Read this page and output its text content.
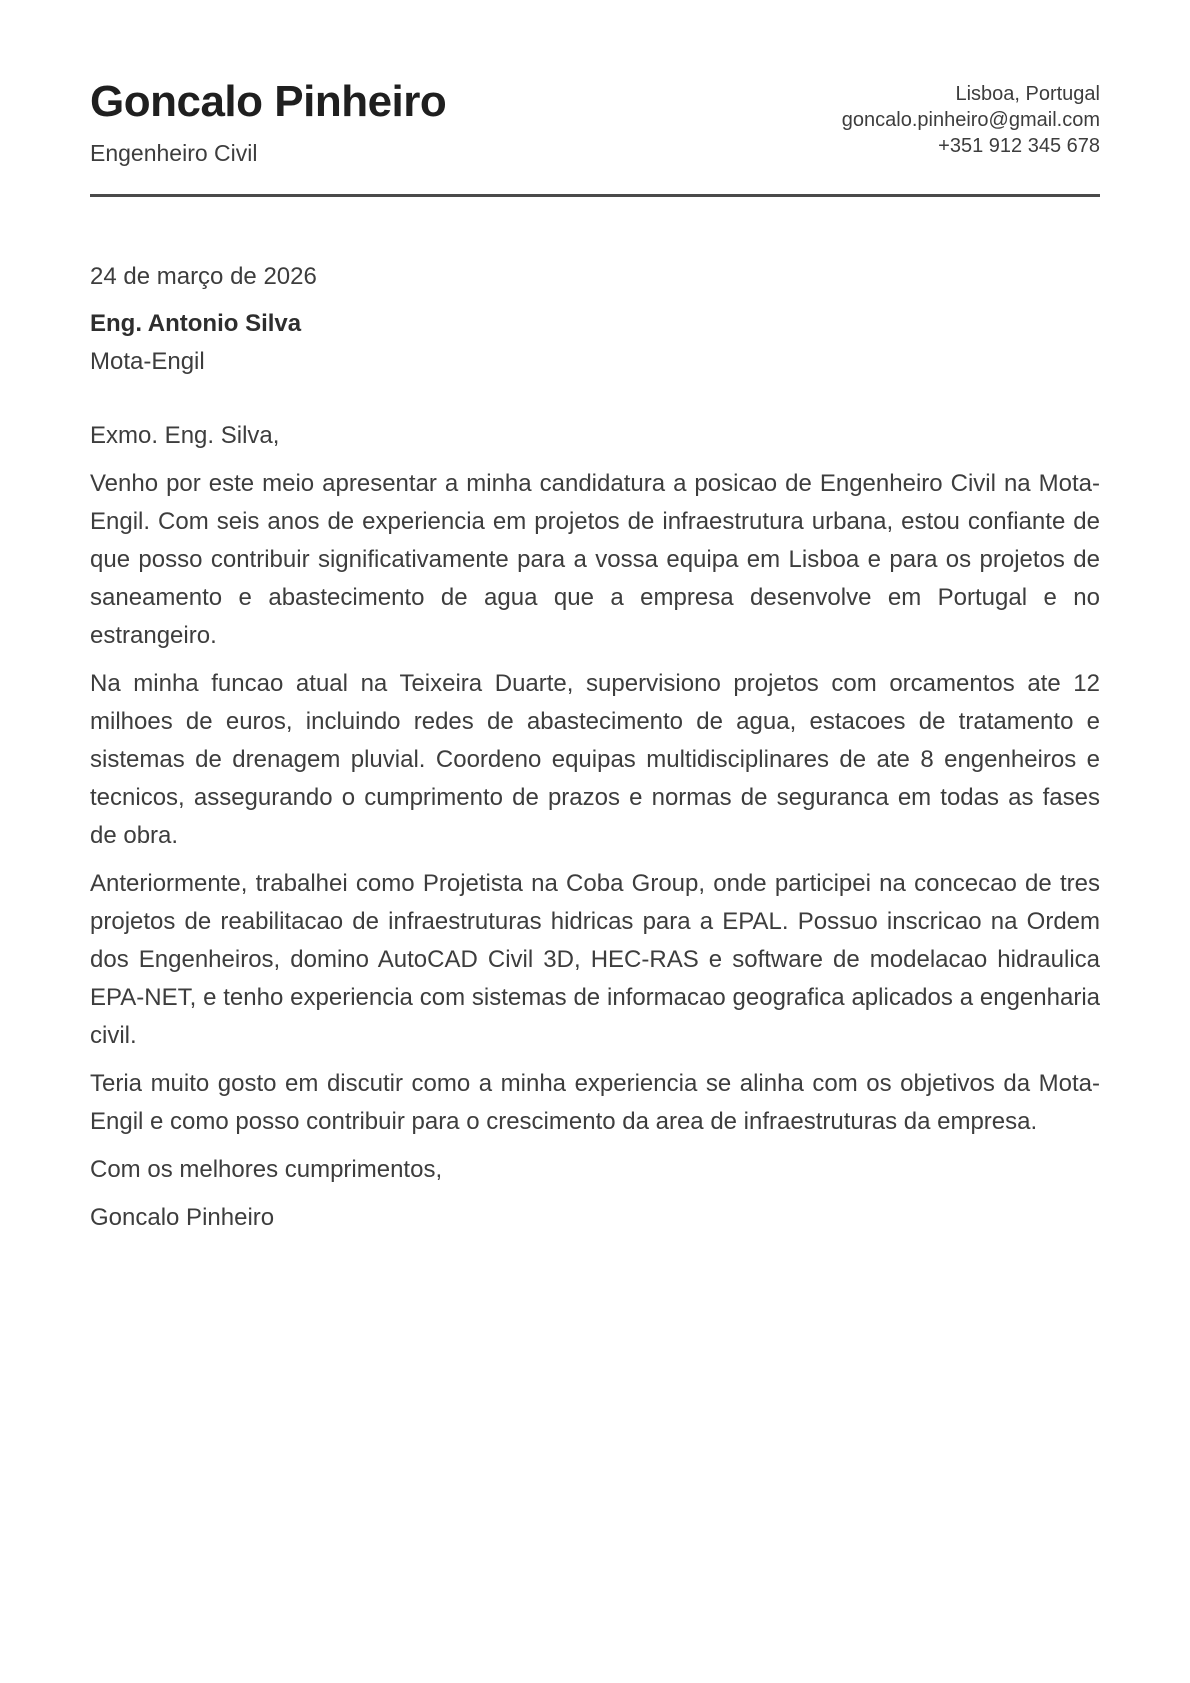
Goncalo Pinheiro
Engenheiro Civil
Lisboa, Portugal
goncalo.pinheiro@gmail.com
+351 912 345 678
24 de março de 2026
Eng. Antonio Silva
Mota-Engil

Exmo. Eng. Silva,

Venho por este meio apresentar a minha candidatura a posicao de Engenheiro Civil na Mota-Engil. Com seis anos de experiencia em projetos de infraestrutura urbana, estou confiante de que posso contribuir significativamente para a vossa equipa em Lisboa e para os projetos de saneamento e abastecimento de agua que a empresa desenvolve em Portugal e no estrangeiro.

Na minha funcao atual na Teixeira Duarte, supervisiono projetos com orcamentos ate 12 milhoes de euros, incluindo redes de abastecimento de agua, estacoes de tratamento e sistemas de drenagem pluvial. Coordeno equipas multidisciplinares de ate 8 engenheiros e tecnicos, assegurando o cumprimento de prazos e normas de seguranca em todas as fases de obra.

Anteriormente, trabalhei como Projetista na Coba Group, onde participei na concecao de tres projetos de reabilitacao de infraestruturas hidricas para a EPAL. Possuo inscricao na Ordem dos Engenheiros, domino AutoCAD Civil 3D, HEC-RAS e software de modelacao hidraulica EPA-NET, e tenho experiencia com sistemas de informacao geografica aplicados a engenharia civil.

Teria muito gosto em discutir como a minha experiencia se alinha com os objetivos da Mota-Engil e como posso contribuir para o crescimento da area de infraestruturas da empresa.

Com os melhores cumprimentos,

Goncalo Pinheiro
